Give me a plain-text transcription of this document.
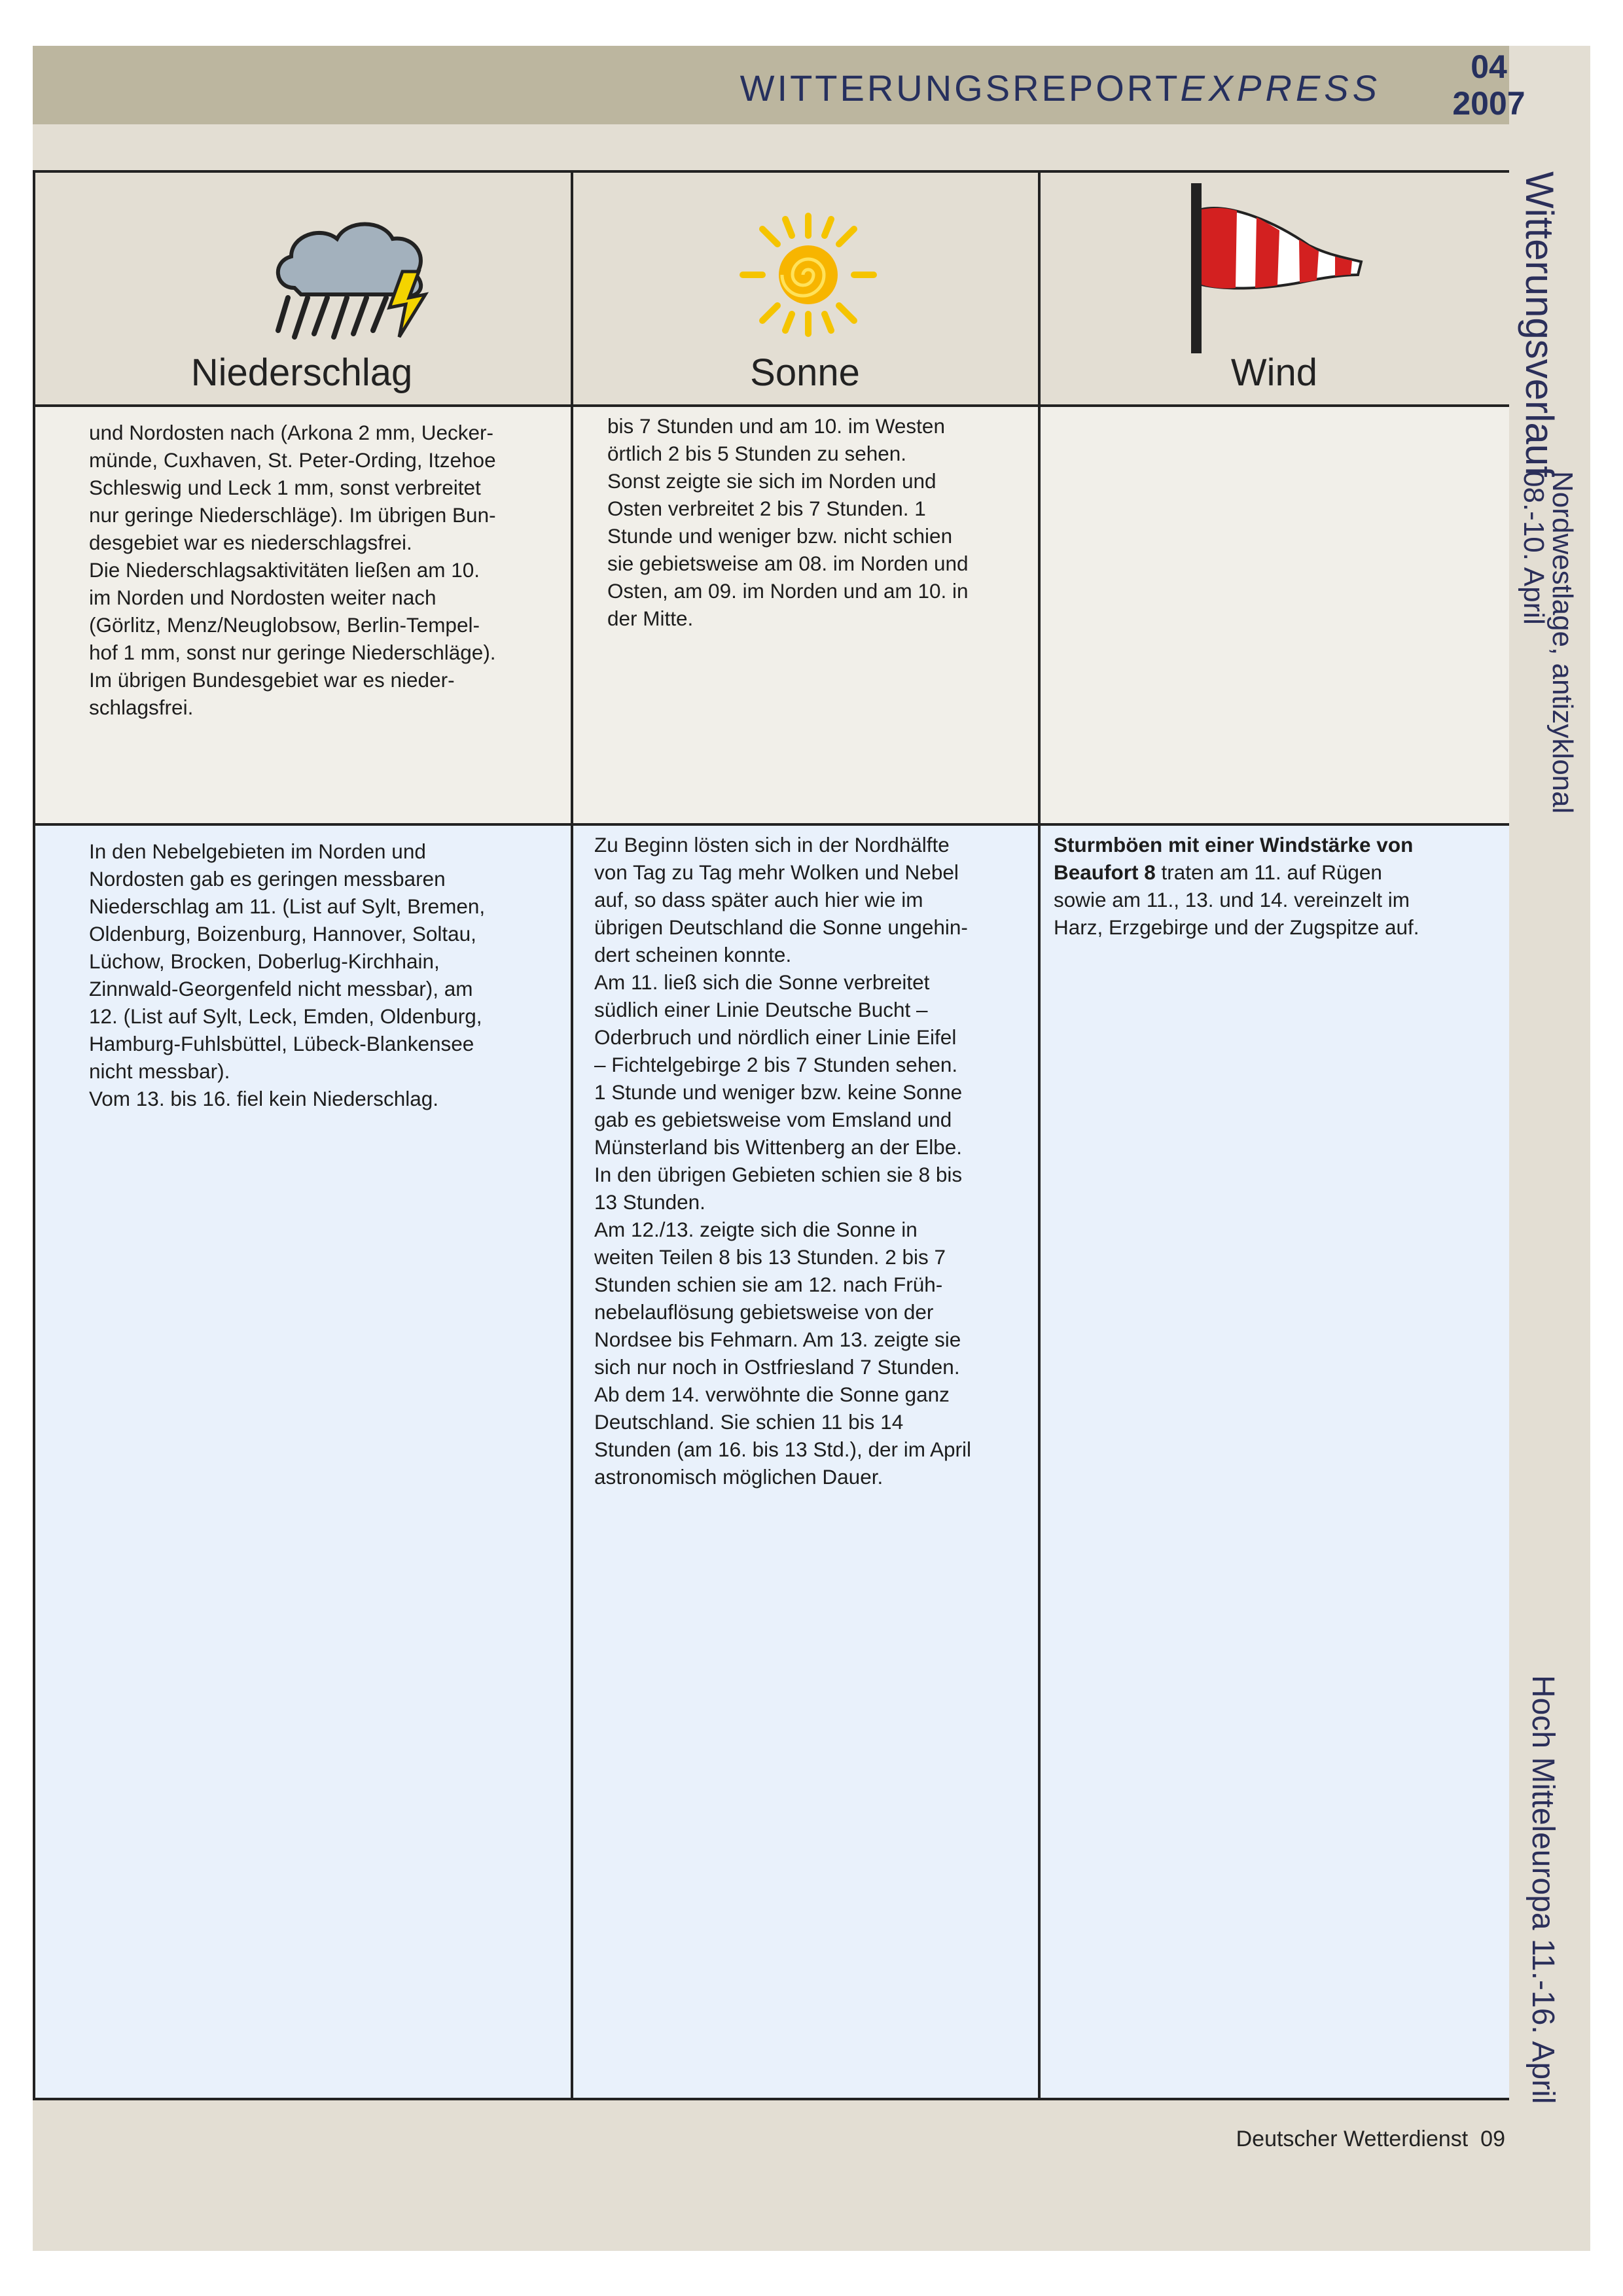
WITTERUNGSREPORTEXPRESS
04
2007
Niederschlag	Sonne	Wind

und Nordosten nach (Arkona 2 mm, Uecker-
münde, Cuxhaven, St. Peter-Ording, Itzehoe
Schleswig und Leck 1 mm, sonst verbreitet
nur geringe Niederschläge). Im übrigen Bun-
desgebiet war es niederschlagsfrei.
Die Niederschlagsaktivitäten ließen am 10.
im Norden und Nordosten weiter nach
(Görlitz, Menz/Neuglobsow, Berlin-Tempel-
hof 1 mm, sonst nur geringe Niederschläge).
Im übrigen Bundesgebiet war es nieder-
schlagsfrei.

bis 7 Stunden und am 10. im Westen
örtlich 2 bis 5 Stunden zu sehen.
Sonst zeigte sie sich im Norden und
Osten verbreitet 2 bis 7 Stunden. 1
Stunde und weniger bzw. nicht schien
sie gebietsweise am 08. im Norden und
Osten, am 09. im Norden und am 10. in
der Mitte.

In den Nebelgebieten im Norden und
Nordosten gab es geringen messbaren
Niederschlag am 11. (List auf Sylt, Bremen,
Oldenburg, Boizenburg, Hannover, Soltau,
Lüchow, Brocken, Doberlug-Kirchhain,
Zinnwald-Georgenfeld nicht messbar), am
12. (List auf Sylt, Leck, Emden, Oldenburg,
Hamburg-Fuhlsbüttel, Lübeck-Blankensee
nicht messbar).
Vom 13. bis 16. fiel kein Niederschlag.

Zu Beginn lösten sich in der Nordhälfte
von Tag zu Tag mehr Wolken und Nebel
auf, so dass später auch hier wie im
übrigen Deutschland die Sonne ungehin-
dert scheinen konnte.
Am 11. ließ sich die Sonne verbreitet
südlich einer Linie Deutsche Bucht –
Oderbruch und nördlich einer Linie Eifel
– Fichtelgebirge 2 bis 7 Stunden sehen.
1 Stunde und weniger bzw. keine Sonne
gab es gebietsweise vom Emsland und
Münsterland bis Wittenberg an der Elbe.
In den übrigen Gebieten schien sie 8 bis
13 Stunden.
Am 12./13. zeigte sich die Sonne in
weiten Teilen 8 bis 13 Stunden. 2 bis 7
Stunden schien sie am 12. nach Früh-
nebelauflösung gebietsweise von der
Nordsee bis Fehmarn. Am 13. zeigte sie
sich nur noch in Ostfriesland 7 Stunden.
Ab dem 14. verwöhnte die Sonne ganz
Deutschland. Sie schien 11 bis 14
Stunden (am 16. bis 13 Std.), der im April
astronomisch möglichen Dauer.

Sturmböen mit einer Windstärke von
Beaufort 8 traten am 11. auf Rügen
sowie am 11., 13. und 14. vereinzelt im
Harz, Erzgebirge und der Zugspitze auf.

Witterungsverlauf
Nordwestlage, antizyklonal
08.-10. April
Hoch Mitteleuropa 11.-16. April
Deutscher Wetterdienst 09
